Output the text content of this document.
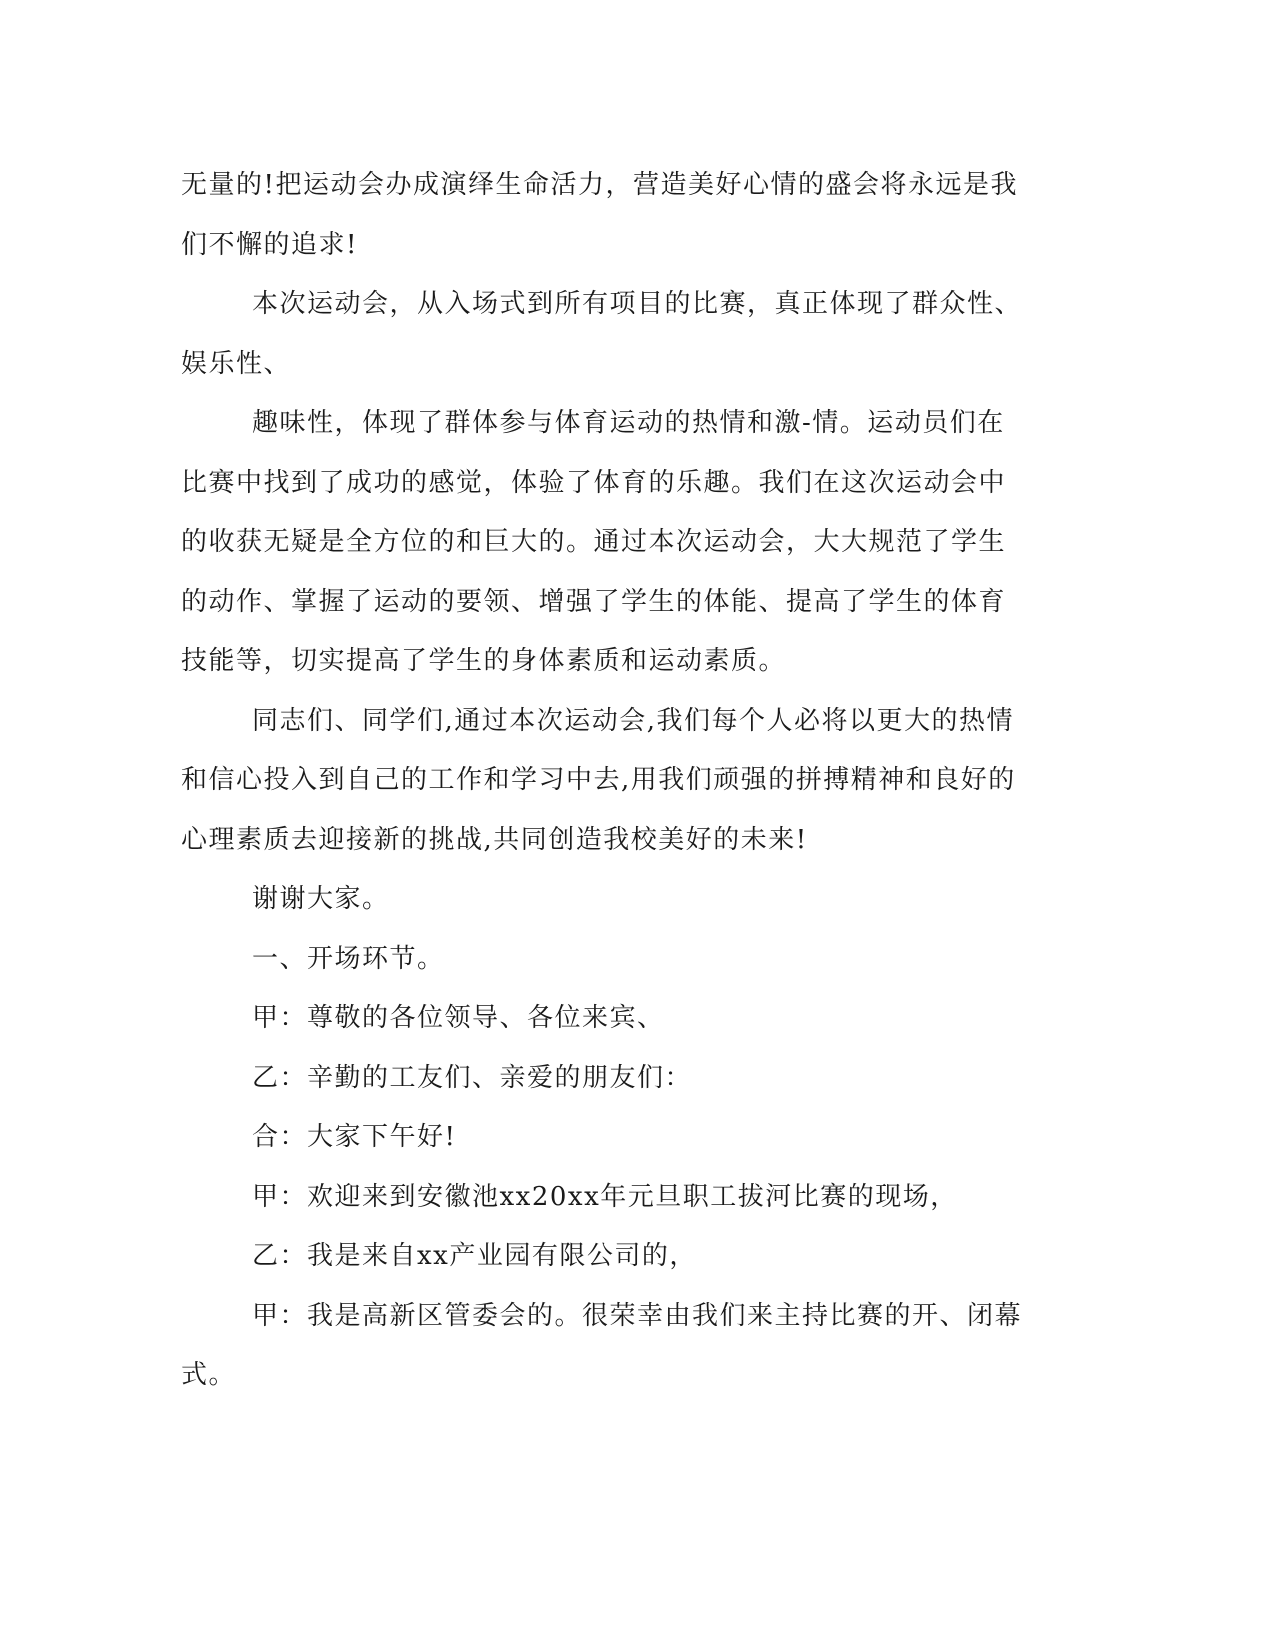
无量的!把运动会办成演绎生命活力，营造美好心情的盛会将永远是我
们不懈的追求!
本次运动会，从入场式到所有项目的比赛，真正体现了群众性、
娱乐性、
趣味性，体现了群体参与体育运动的热情和激-情。运动员们在
比赛中找到了成功的感觉，体验了体育的乐趣。我们在这次运动会中
的收获无疑是全方位的和巨大的。通过本次运动会，大大规范了学生
的动作、掌握了运动的要领、增强了学生的体能、提高了学生的体育
技能等，切实提高了学生的身体素质和运动素质。
同志们、同学们,通过本次运动会,我们每个人必将以更大的热情
和信心投入到自己的工作和学习中去,用我们顽强的拼搏精神和良好的
心理素质去迎接新的挑战,共同创造我校美好的未来!
谢谢大家。
一、开场环节。
甲：尊敬的各位领导、各位来宾、
乙：辛勤的工友们、亲爱的朋友们：
合：大家下午好!
甲：欢迎来到安徽池xx20xx年元旦职工拔河比赛的现场，
乙：我是来自xx产业园有限公司的，
甲：我是高新区管委会的。很荣幸由我们来主持比赛的开、闭幕
式。
